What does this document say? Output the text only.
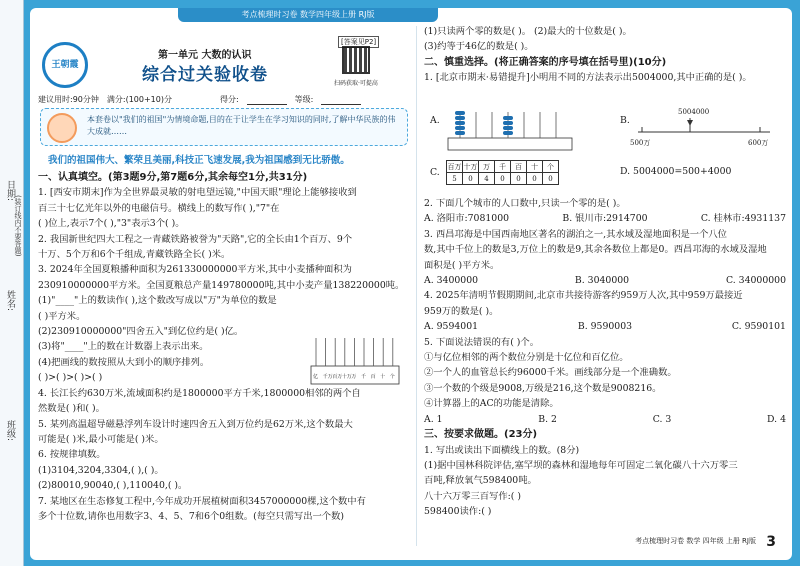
日期:
姓名:
班级:
(装订线内不要答题)
考点梳理时习卷 数学四年级上册 RJ版
王朝霞
第一单元 大数的认识
综合过关验收卷
[答案见P2]
扫码获取·可提高
建议用时:90分钟 满分:(100+10)分	得分:	等级:
本套卷以"我们的祖国"为情境命题,目的在于让学生在学习知识的同时,了解中华民族的伟大成就……
我们的祖国伟大、繁荣且美丽,科技正飞速发展,我为祖国感到无比骄傲。
一、认真填空。(第3题9分,第7题6分,其余每空1分,共31分)
1. [西安市期末]作为全世界最灵敏的射电望远镜,"中国天眼"理论上能够接收到
百三十七亿光年以外的电磁信号。横线上的数写作( ),"7"在
( )位上,表示7个( ),"3"表示3个( )。
2. 我国新世纪四大工程之一青藏铁路被誉为"天路",它的全长由1个百万、9个
十万、5个万和6个千组成,青藏铁路全长( )米。
3. 2024年全国夏粮播种面积为261330000000平方米,其中小麦播种面积为
230910000000平方米。全国夏粮总产量149780000吨,其中小麦产量138220000吨。
(1)"____"上的数读作( ),这个数改写成以"万"为单位的数是
( )平方米。
(2)230910000000"四舍五入"到亿位约是( )亿。
(3)将"____"上的数在计数器上表示出来。
(4)把画线的数按照从大到小的顺序排列。
( )>( )>( )>( )
4. 长江长约630万米,流域面积约是1800000平方千米,1800000相邻的两个自
然数是( )和( )。
5. 某列高温超导磁悬浮列车设计时速四舍五入到万位约是62万米,这个数最大
可能是( )米,最小可能是( )米。
6. 按规律填数。
(1)3104,3204,3304,( ),( )。
(2)80010,90040,( ),110040,( )。
7. 某地区在生态修复工程中,今年成功开展植树面积3457000000棵,这个数中有
多个十位数,请你也用数字3、4、5、7和6个0组数。(每空只需写出一个数)
亿 千万 百万 十万 万 千 百 十 个
(1)只读两个零的数是( )。 (2)最大的十位数是( )。
(3)约等于46亿的数是( )。
二、慎重选择。(将正确答案的序号填在括号里)(10分)
1. [北京市期末·易错提升]小明用不同的方法表示出5004000,其中正确的是( )。
A.	B.
500万
5004000
600万
C.
百万	十万	万	千	百	十	个
5	0	4	0	0	0	0
D. 5004000=500+4000
2. 下面几个城市的人口数中,只读一个零的是( )。
A. 洛阳市:7081000	B. 银川市:2914700	C. 桂林市:4931137
3. 西昌邛海是中国西南地区著名的湖泊之一,其水域及湿地面积是一个八位
数,其中千位上的数是3,万位上的数是9,其余各数位上都是0。西昌邛海的水域及湿地
面积是( )平方米。
A. 3400000	B. 3040000	C. 34000000
4. 2025年清明节假期期间,北京市共接待游客约959万人次,其中959万最接近
959万的数是( )。
A. 9594001	B. 9590003	C. 9590101
5. 下面说法错误的有( )个。
①与亿位相邻的两个数位分别是十亿位和百亿位。
②一个人的血管总长约96000千米。画线部分是一个准确数。
③一个数的个级是9008,万级是216,这个数是9008216。
④计算器上的AC的功能是清除。
A. 1	B. 2	C. 3	D. 4
三、按要求做题。(23分)
1. 写出或读出下面横线上的数。(8分)
(1)据中国林科院评估,塞罕坝的森林和湿地每年可固定二氧化碳八十六万零三
百吨,释放氧气598400吨。
八十六万零三百写作:( )
598400读作:( )
考点梳理时习卷 数学 四年级 上册 RJ版 3
